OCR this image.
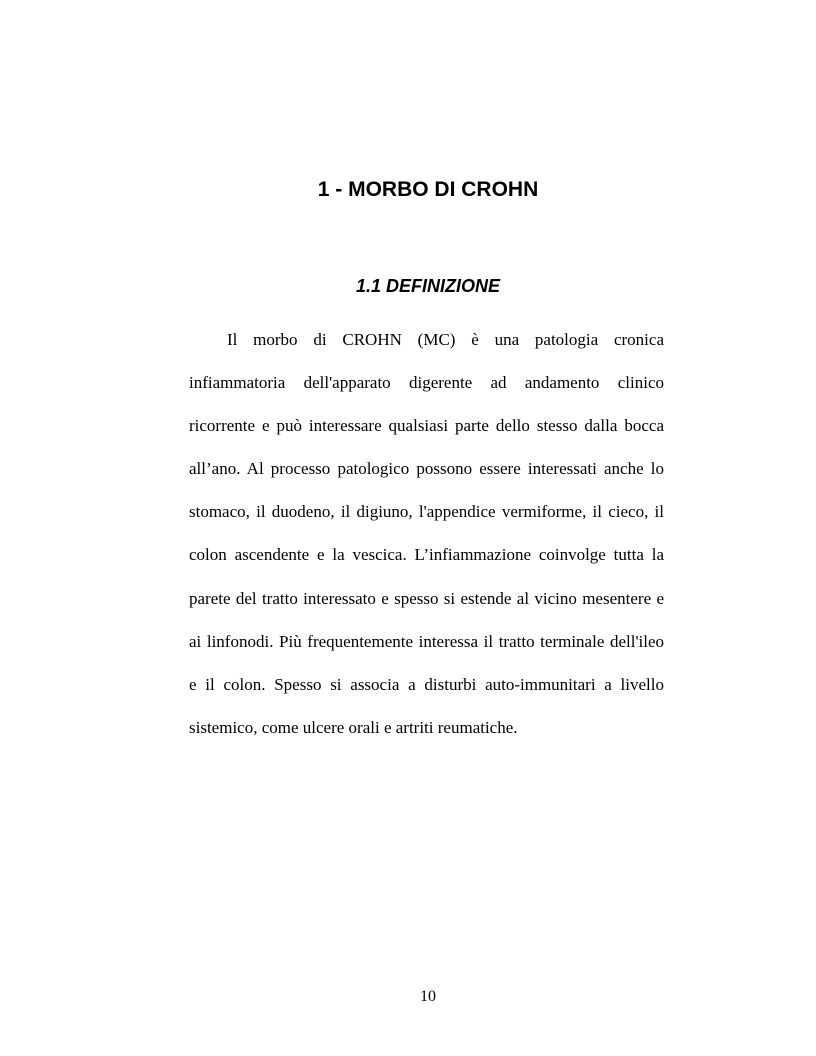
1 - MORBO DI CROHN
1.1 DEFINIZIONE

Il morbo di CROHN (MC) è una patologia cronica infiammatoria dell'apparato digerente ad andamento clinico ricorrente e può interessare qualsiasi parte dello stesso dalla bocca all’ano. Al processo patologico possono essere interessati anche lo stomaco, il duodeno, il digiuno, l'appendice vermiforme, il cieco, il colon ascendente e la vescica. L’infiammazione coinvolge tutta la parete del tratto interessato e spesso si estende al vicino mesentere e ai linfonodi. Più frequentemente interessa il tratto terminale dell'ileo e il colon. Spesso si associa a disturbi auto-immunitari a livello sistemico, come ulcere orali e artriti reumatiche.

10
